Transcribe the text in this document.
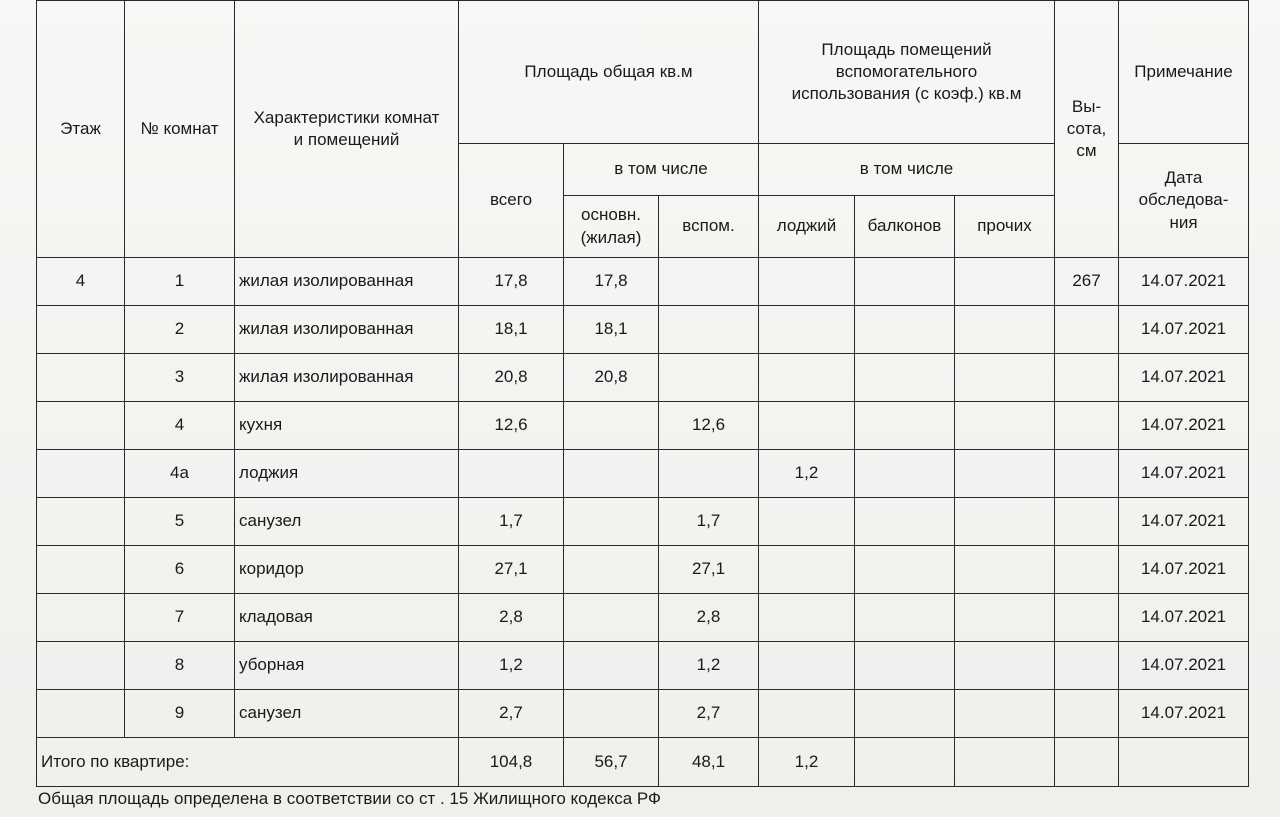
Этаж	№ комнат	Характеристики комнат и помещений	Площадь общая кв.м			Площадь помещений вспомогательного использования (с коэф.) кв.м			Вы-сота, см	Примечание
			всего	в том числе		в том числе				Дата обследова-ния
				основн. (жилая)	вспом.	лоджий	балконов	прочих		
4	1	жилая изолированная	17,8	17,8					267	14.07.2021
	2	жилая изолированная	18,1	18,1						14.07.2021
	3	жилая изолированная	20,8	20,8						14.07.2021
	4	кухня	12,6		12,6					14.07.2021
	4а	лоджия				1,2				14.07.2021
	5	санузел	1,7		1,7					14.07.2021
	6	коридор	27,1		27,1					14.07.2021
	7	кладовая	2,8		2,8					14.07.2021
	8	уборная	1,2		1,2					14.07.2021
	9	санузел	2,7		2,7					14.07.2021
Итого по квартире:			104,8	56,7	48,1	1,2				
Общая площадь определена в соответствии со ст . 15 Жилищного кодекса РФ
